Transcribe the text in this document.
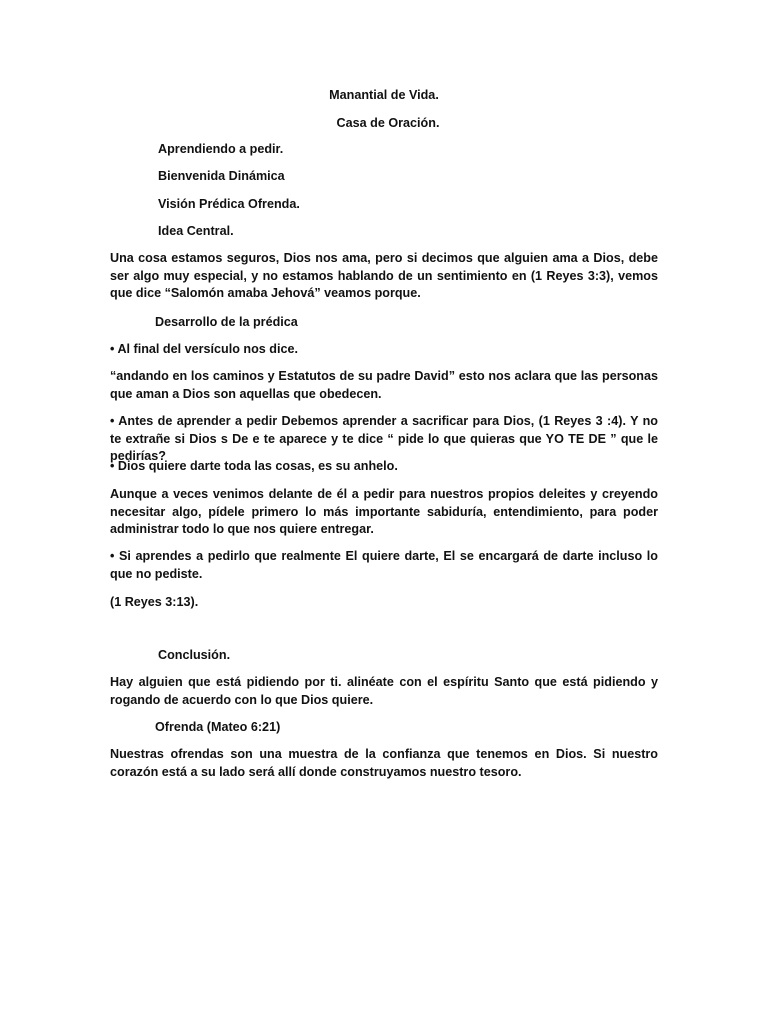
Manantial de Vida.
Casa de Oración.
Aprendiendo a pedir.
Bienvenida Dinámica
Visión Prédica Ofrenda.
Idea Central.
Una cosa estamos seguros, Dios nos ama, pero si decimos que alguien ama a Dios, debe ser algo muy especial, y no estamos hablando de un sentimiento en (1 Reyes 3:3), vemos que dice “Salomón amaba Jehová” veamos porque.
Desarrollo de la prédica
• Al final del versículo nos dice.
“andando en los caminos y Estatutos de su padre David” esto nos aclara que las personas que aman a Dios son aquellas que obedecen.
• Antes de aprender a pedir Debemos aprender a sacrificar para Dios, (1 Reyes 3 :4). Y no te extrañe si Dios s De e te aparece y te dice “ pide lo que quieras que YO TE DE ” que le pedirías?
• Dios quiere darte toda las cosas, es su anhelo.
Aunque a veces venimos delante de él a pedir para nuestros propios deleites y creyendo necesitar algo, pídele primero lo más importante sabiduría, entendimiento, para poder administrar todo lo que nos quiere entregar.
• Si aprendes a pedirlo que realmente El quiere darte, El se encargará de darte incluso lo que no pediste.
(1 Reyes 3:13).
Conclusión.
Hay alguien que está pidiendo por ti. alinéate con el espíritu Santo que está pidiendo y rogando de acuerdo con lo que Dios quiere.
Ofrenda (Mateo 6:21)
Nuestras ofrendas son una muestra de la confianza que tenemos en Dios. Si nuestro corazón está a su lado será allí donde construyamos nuestro tesoro.
